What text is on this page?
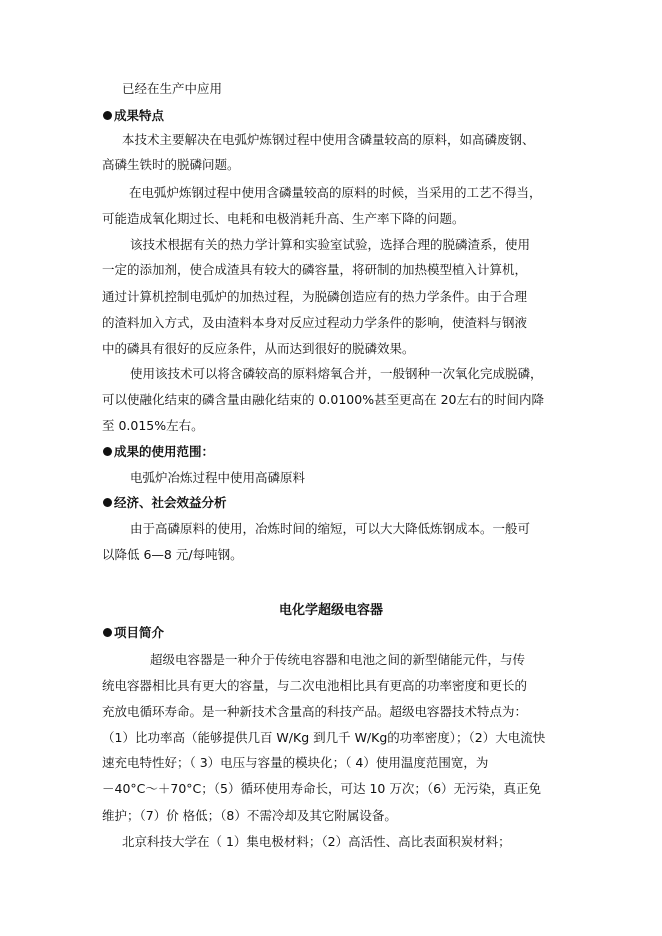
已经在生产中应用
成果特点
本技术主要解决在电弧炉炼钢过程中使用含磷量较高的原料，如高磷废钢、
高磷生铁时的脱磷问题。
在电弧炉炼钢过程中使用含磷量较高的原料的时候，当采用的工艺不得当，
可能造成氧化期过长、电耗和电极消耗升高、生产率下降的问题。
该技术根据有关的热力学计算和实验室试验，选择合理的脱磷渣系，使用
一定的添加剂，使合成渣具有较大的磷容量，将研制的加热模型植入计算机，
通过计算机控制电弧炉的加热过程，为脱磷创造应有的热力学条件。由于合理
的渣料加入方式，及由渣料本身对反应过程动力学条件的影响，使渣料与钢液
中的磷具有很好的反应条件，从而达到很好的脱磷效果。
使用该技术可以将含磷较高的原料熔氧合并，一般钢种一次氧化完成脱磷，
可以使融化结束的磷含量由融化结束的 0.0100%甚至更高在 20左右的时间内降
至 0.015%左右。
成果的使用范围：
电弧炉冶炼过程中使用高磷原料
经济、社会效益分析
由于高磷原料的使用，冶炼时间的缩短，可以大大降低炼钢成本。一般可
以降低 6—8 元/每吨钢。
电化学超级电容器
项目简介
超级电容器是一种介于传统电容器和电池之间的新型储能元件，与传
统电容器相比具有更大的容量，与二次电池相比具有更高的功率密度和更长的
充放电循环寿命。是一种新技术含量高的科技产品。超级电容器技术特点为：
（1）比功率高（能够提供几百 W/Kg 到几千 W/Kg的功率密度）；（2）大电流快
速充电特性好；（ 3）电压与容量的模块化；（ 4）使用温度范围宽，为
－40°C～＋70°C；（5）循环使用寿命长，可达 10 万次；（6）无污染，真正免
维护；（7）价 格低；（8）不需冷却及其它附属设备。
北京科技大学在（ 1）集电极材料；（2）高活性、高比表面积炭材料；
